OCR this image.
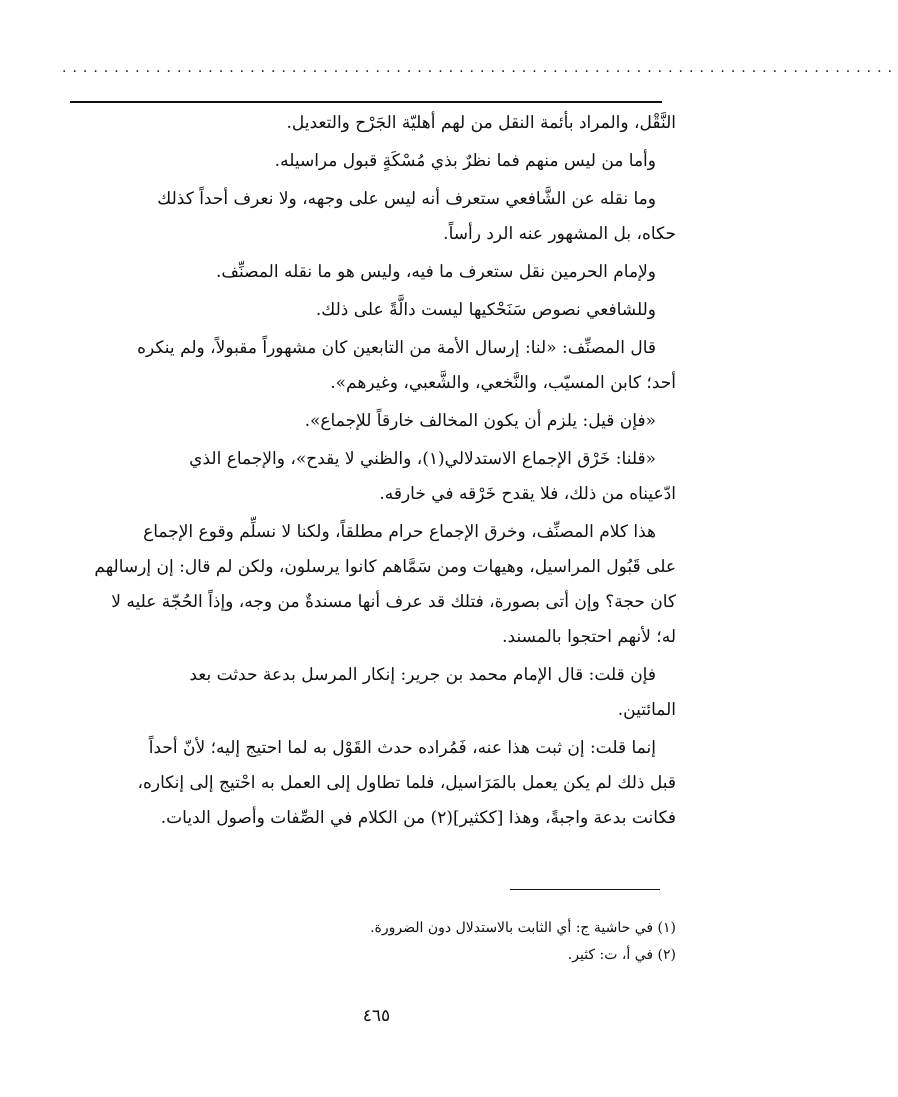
................................................................................

النَّقْل، والمراد بأئمة النقل من لهم أهليّة الجَرْح والتعديل.

وأما من ليس منهم فما نظرٌ بذي مُسْكَةٍ قبول مراسيله.

وما نقله عن الشَّافعي ستعرف أنه ليس على وجهه، ولا نعرف أحداً كذلك

حكاه، بل المشهور عنه الرد رأساً.

ولإمام الحرمين نقل ستعرف ما فيه، وليس هو ما نقله المصنِّف.

وللشافعي نصوص سَنَحْكيها ليست دالَّةً على ذلك.

قال المصنِّف: «لنا: إرسال الأمة من التابعين كان مشهوراً مقبولاً، ولم ينكره

أحد؛ كابن المسيّب، والنَّخعي، والشَّعبي، وغيرهم».

«فإن قيل: يلزم أن يكون المخالف خارقاً للإجماع».

«قلنا: خَرْق الإجماع الاستدلالي(١)، والظني لا يقدح»، والإجماع الذي

ادّعيناه من ذلك، فلا يقدح خَرْقه في خارقه.

هذا كلام المصنِّف، وخرق الإجماع حرام مطلقاً، ولكنا لا نسلِّم وقوع الإجماع

على قَبُول المراسيل، وهيهات ومن سَمَّاهم كانوا يرسلون، ولكن لم قال: إن إرسالهم

كان حجة؟ وإن أتى بصورة، فتلك قد عرف أنها مسندةٌ من وجه، وإذاً الحُجّة عليه لا

له؛ لأنهم احتجوا بالمسند.

فإن قلت: قال الإمام محمد بن جرير: إنكار المرسل بدعة حدثت بعد

المائتين.

إنما قلت: إن ثبت هذا عنه، فَمُراده حدث القَوْل به لما احتيج إليه؛ لأنّ أحداً

قبل ذلك لم يكن يعمل بالمَرَاسيل، فلما تطاول إلى العمل به احْتيج إلى إنكاره،

فكانت بدعة واجبةً، وهذا [ككثير](٢) من الكلام في الصِّفات وأصول الديات.

(١) في حاشية ج: أي الثابت بالاستدلال دون الضرورة.

(٢) في أ، ت: كثير.

٤٦٥
